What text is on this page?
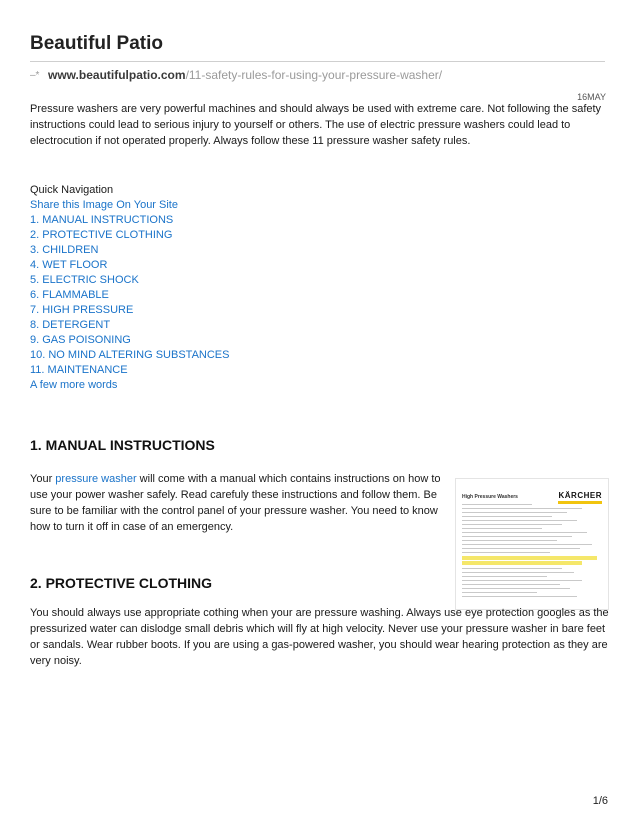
Beautiful Patio
‒* www.beautifulpatio.com/11-safety-rules-for-using-your-pressure-washer/
16MAY

Pressure washers are very powerful machines and should always be used with extreme care. Not following the safety instructions could lead to serious injury to yourself or others. The use of electric pressure washers could lead to electrocution if not operated properly. Always follow these 11 pressure washer safety rules.

Quick Navigation
Share this Image On Your Site
1. MANUAL INSTRUCTIONS
2. PROTECTIVE CLOTHING
3. CHILDREN
4. WET FLOOR
5. ELECTRIC SHOCK
6. FLAMMABLE
7. HIGH PRESSURE
8. DETERGENT
9. GAS POISONING
10. NO MIND ALTERING SUBSTANCES
11. MAINTENANCE
A few more words
1. MANUAL INSTRUCTIONS

Your pressure washer will come with a manual which contains instructions on how to use your power washer safely. Read carefuly these instructions and follow them. Be sure to be familiar with the control panel of your pressure washer. You need to know how to turn it off in case of an emergency.

High Pressure Washers	KÄRCHER
2. PROTECTIVE CLOTHING

You should always use appropriate cothing when your are pressure washing. Always use eye protection googles as the pressurized water can dislodge small debris which will fly at high velocity. Never use your pressure washer in bare feet or sandals. Wear rubber boots. If you are using a gas-powered washer, you should wear hearing protection as they are very noisy.

1/6
